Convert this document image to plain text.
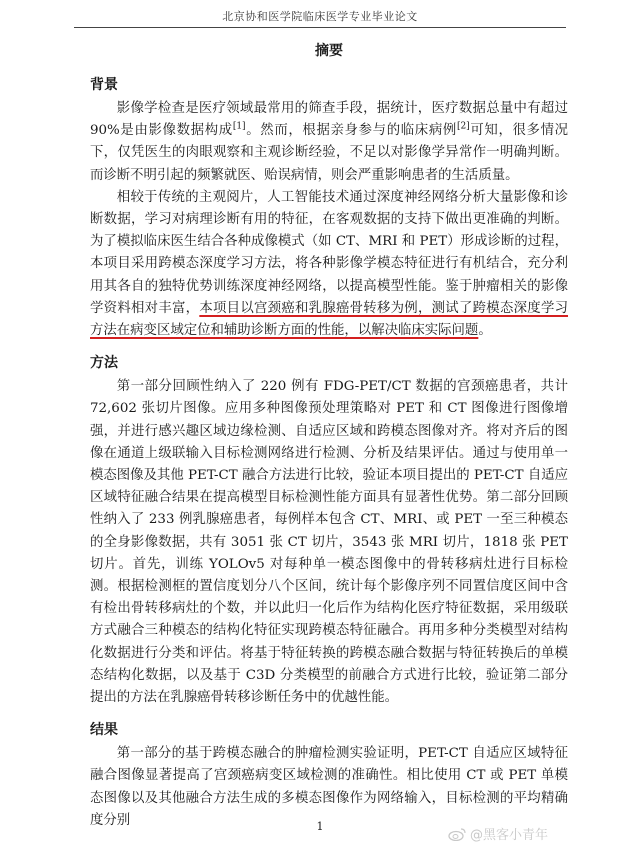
北京协和医学院临床医学专业毕业论文
摘要
背景

影像学检查是医疗领域最常用的筛查手段，据统计，医疗数据总量中有超过90%是由影像数据构成[1]。然而，根据亲身参与的临床病例[2]可知，很多情况下，仅凭医生的肉眼观察和主观诊断经验，不足以对影像学异常作一明确判断。而诊断不明引起的频繁就医、贻误病情，则会严重影响患者的生活质量。

相较于传统的主观阅片，人工智能技术通过深度神经网络分析大量影像和诊断数据，学习对病理诊断有用的特征，在客观数据的支持下做出更准确的判断。为了模拟临床医生结合各种成像模式（如 CT、MRI 和 PET）形成诊断的过程，本项目采用跨模态深度学习方法，将各种影像学模态特征进行有机结合，充分利用其各自的独特优势训练深度神经网络，以提高模型性能。鉴于肿瘤相关的影像学资料相对丰富，本项目以宫颈癌和乳腺癌骨转移为例，测试了跨模态深度学习方法在病变区域定位和辅助诊断方面的性能，以解决临床实际问题。

方法

第一部分回顾性纳入了 220 例有 FDG-PET/CT 数据的宫颈癌患者，共计 72,602 张切片图像。应用多种图像预处理策略对 PET 和 CT 图像进行图像增强，并进行感兴趣区域边缘检测、自适应区域和跨模态图像对齐。将对齐后的图像在通道上级联输入目标检测网络进行检测、分析及结果评估。通过与使用单一模态图像及其他 PET-CT 融合方法进行比较，验证本项目提出的 PET-CT 自适应区域特征融合结果在提高模型目标检测性能方面具有显著性优势。第二部分回顾性纳入了 233 例乳腺癌患者，每例样本包含 CT、MRI、或 PET 一至三种模态的全身影像数据，共有 3051 张 CT 切片，3543 张 MRI 切片，1818 张 PET 切片。首先，训练 YOLOv5 对每种单一模态图像中的骨转移病灶进行目标检测。根据检测框的置信度划分八个区间，统计每个影像序列不同置信度区间中含有检出骨转移病灶的个数，并以此归一化后作为结构化医疗特征数据，采用级联方式融合三种模态的结构化特征实现跨模态特征融合。再用多种分类模型对结构化数据进行分类和评估。将基于特征转换的跨模态融合数据与特征转换后的单模态结构化数据，以及基于 C3D 分类模型的前融合方式进行比较，验证第二部分提出的方法在乳腺癌骨转移诊断任务中的优越性能。

结果

第一部分的基于跨模态融合的肿瘤检测实验证明，PET-CT 自适应区域特征融合图像显著提高了宫颈癌病变区域检测的准确性。相比使用 CT 或 PET 单模态图像以及其他融合方法生成的多模态图像作为网络输入，目标检测的平均精确度分别	1
@黑客小青年
